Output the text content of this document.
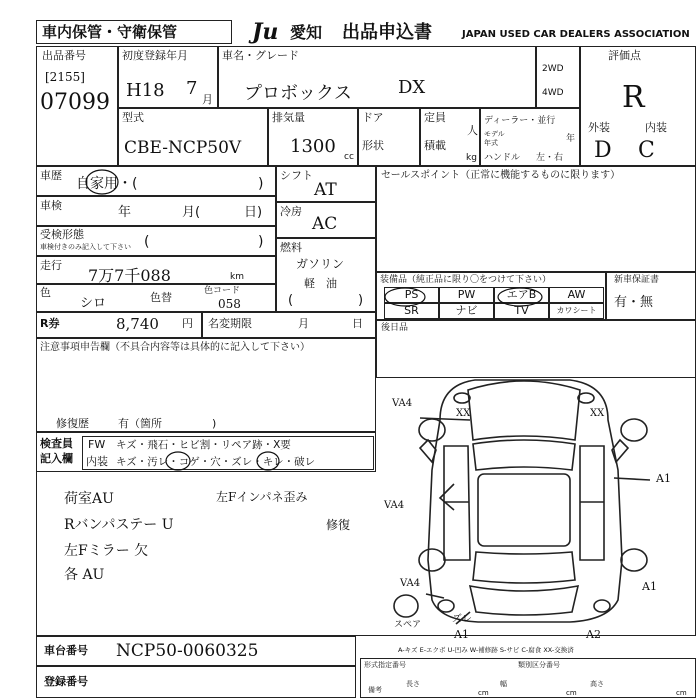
車内保管・守衛保管	Ju 愛知 出品申込書	JAPAN USED CAR DEALERS ASSOCIATION
出品番号
[2155]
07099
初度登録年月
H18 7
月
車名・グレード
プロボックス	DX
2WD
4WD
評価点
R
外装	内装
D C
型式
CBE-NCP50V
排気量
1300 cc
ドア
形状
定員
人
積載
kg
ディーラー・並行
モデル
年式	年
ハンドル 左・右
車歴
自家用・(	)
車検	年	月(	日)
受検形態
車検付きのみ記入して下さい (	)
走行
7万7千088	km
色
シロ	色替	色コード
058
シフト
AT
冷房
AC
燃料
ガソリン
軽　油
(	)
セールスポイント（正常に機能するものに限ります）
装備品（純正品に限り〇をつけて下さい）
PS	PW	エアB	AW
SR	ナビ	TV	カワシート
新車保証書
有・無
R券	8,740 円 名変期限	月	日 後日品
注意事項申告欄（不具合内容等は具体的に記入して下さい）
修復歴	有（箇所	)
検査員
記入欄
FW キズ・飛石・ヒビ割・リペア跡・X要
内装 キズ・汚レ・コゲ・穴・ズレ・キレ・破レ
荷室AU
Rバンパステー U
左Fミラー 欠
各 AU
左Fインパネ歪み
修復
VA4
XX	XX
A1
VA4
VA4	A1
ズレ
A1	A2
スペア
A-キズ E-エクボ U-凹み W-補修跡 S-サビ C-腐食 XX-交換済
車台番号 NCP50-0060325
登録番号
形式指定番号	類別区分番号
備考
長さ
cm
幅
cm
高さ
cm
